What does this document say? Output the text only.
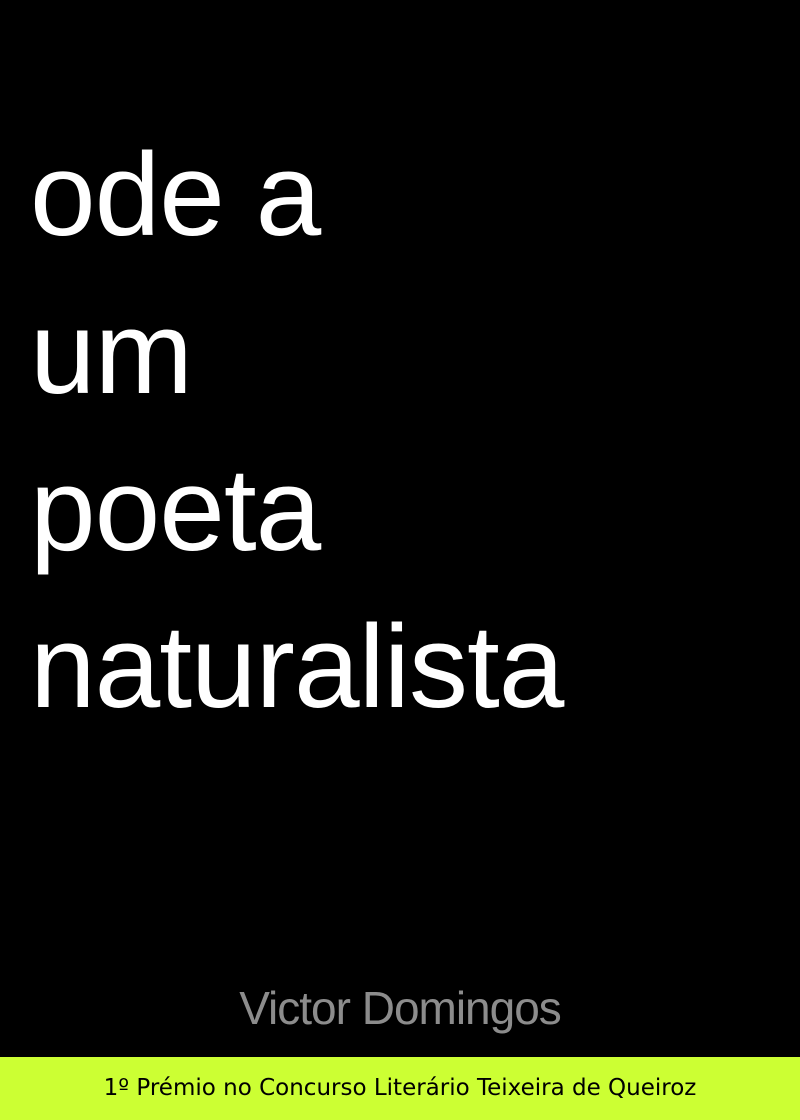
ode a
um
poeta
naturalista
Victor Domingos
1º Prémio no Concurso Literário Teixeira de Queiroz
